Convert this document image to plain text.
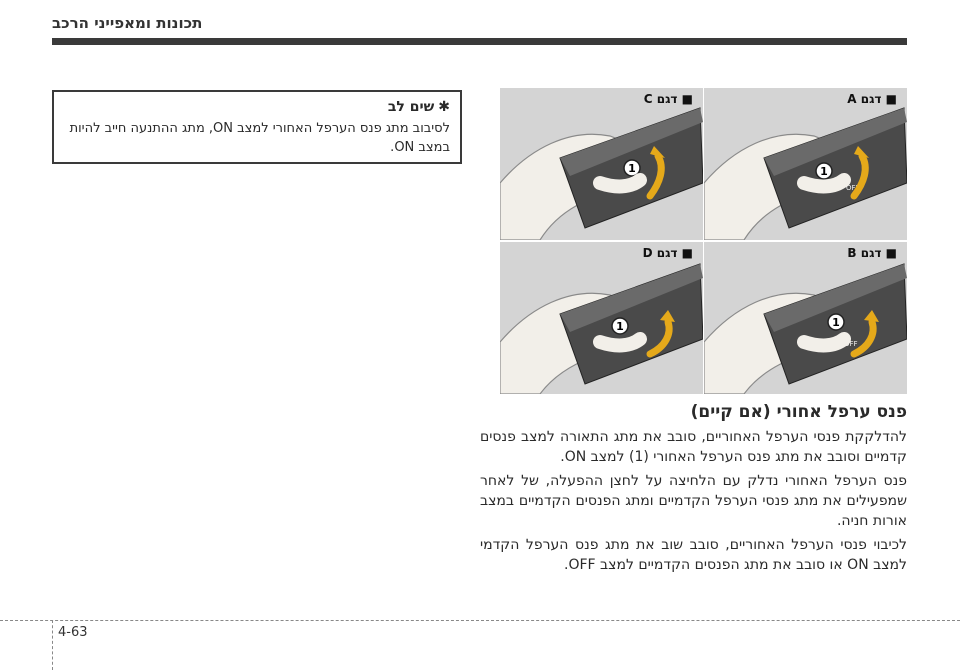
תכונות ומאפייני הרכב
✱
שים לב
לסיבוב מתג פנס הערפל האחורי למצב ON, מתג ההתנעה חייב להיות במצב ON.
1
OFF
■ דגם A
1
O
■ דגם C
1
OFF
■ דגם B
1
O
■ דגם D
פנס ערפל אחורי (אם קיים)
להדלקקת פנסי הערפל האחוריים, סובב את מתג התאורה למצב פנסים קדמיים וסובב את מתג פנס הערפל האחורי (1) למצב ON.
פנס הערפל האחורי נדלק עם הלחיצה על לחצן ההפעלה, של לאחר שמפעילים את מתג פנסי הערפל הקדמיים ומתג הפנסים הקדמיים במצב אורות חניה.
לכיבוי פנסי הערפל האחוריים, סובב שוב את מתג פנס הערפל הקדמי למצב ON או סובב את מתג הפנסים הקדמיים למצב OFF.
4-63
